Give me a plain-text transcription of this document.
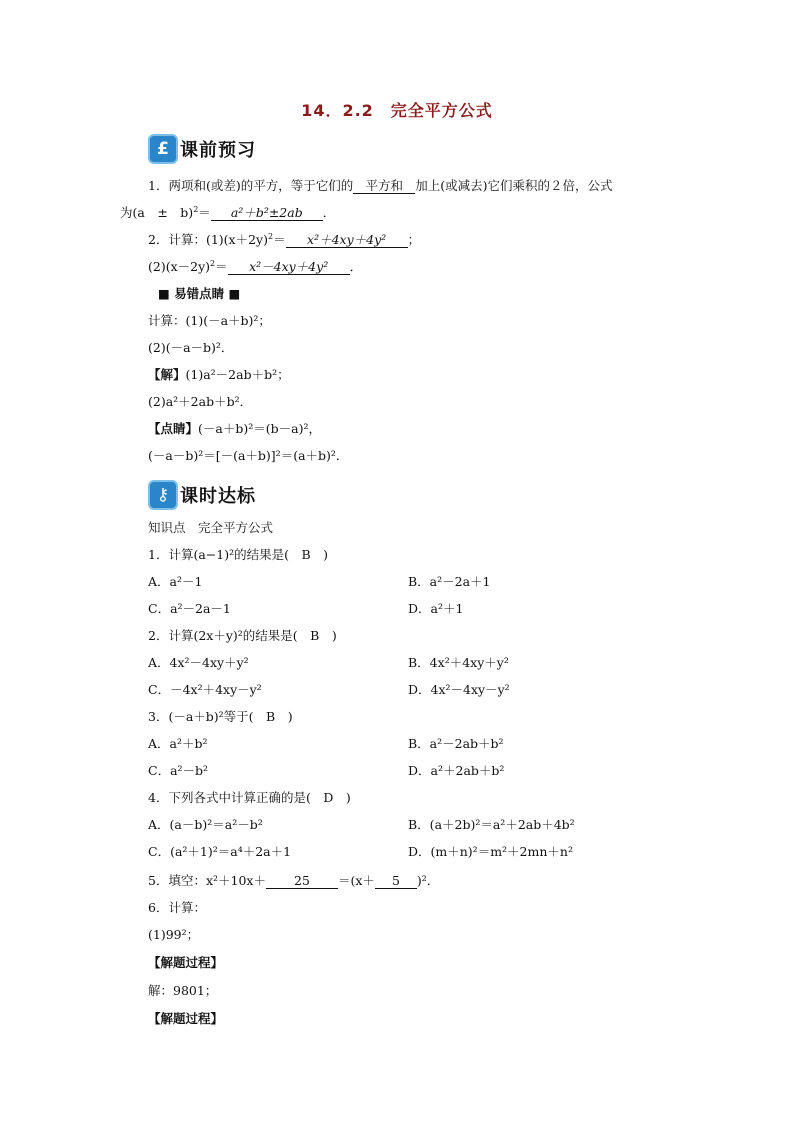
14．2.2　完全平方公式
£ 课前预习
1．两项和(或差)的平方，等于它们的 平方和 加上(或减去)它们乘积的２倍，公式
为(a　±　b)$^2$＝ a²＋b²±2ab ．
2．计算：$(1)(x+2y)^2= x^2+4xy+4y^2$ ；
$(2)(x-2y)^2= x^2-4xy+4y^2$ ．
■ 易错点睛 ■
计算：(1)(－a＋b)²；
(2)(－a－b)²．
【解】(1)a²－2ab＋b²；
(2)a²＋2ab＋b²．
【点睛】(－a＋b)²＝(b－a)²，
(－a－b)²＝[－(a＋b)]²＝(a＋b)²．
⚷ 课时达标
知识点　完全平方公式
1．计算(a−1)²的结果是(　B　)
A．a²－1	B．a²－2a＋1
C．a²－2a－1	D．a²＋1
2．计算(2x＋y)²的结果是(　B　)
A．4x²－4xy＋y²	B．4x²＋4xy＋y²
C．－4x²＋4xy－y²	D．4x²－4xy－y²
3．(－a＋b)²等于(　B　)
A．a²＋b²	B．a²－2ab＋b²
C．a²－b²	D．a²＋2ab＋b²
4．下列各式中计算正确的是(　D　)
A．(a－b)²＝a²－b²	B．(a＋2b)²＝a²＋2ab＋4b²
C．(a²＋1)²＝a⁴＋2a＋1	D．(m＋n)²＝m²＋2mn＋n²
5．填空：x²＋10x＋ 25 ＝(x＋ 5 )²．
6．计算：
(1)99²；
【解题过程】
解：9801；
【解题过程】
